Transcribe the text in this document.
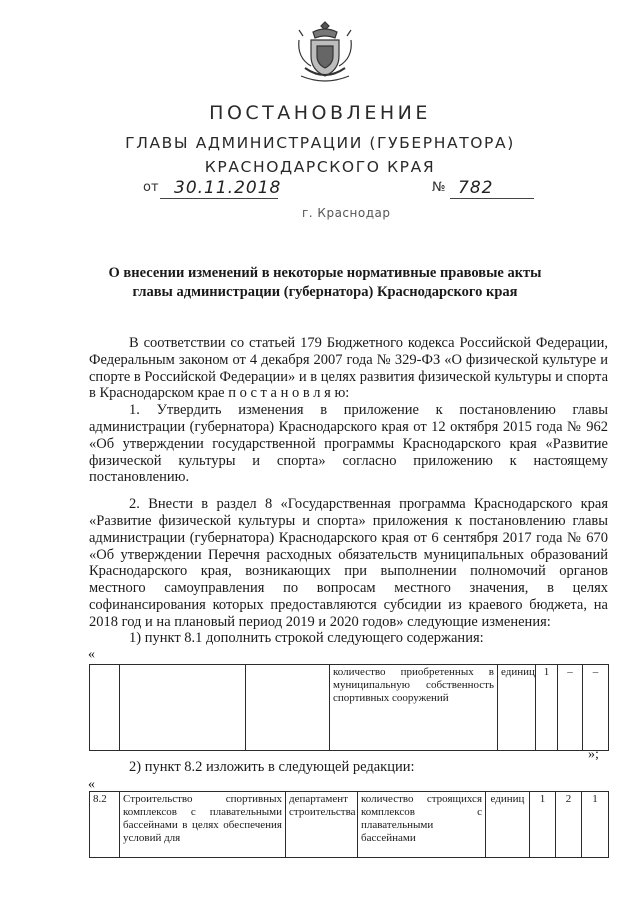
ПОСТАНОВЛЕНИЕ
ГЛАВЫ АДМИНИСТРАЦИИ (ГУБЕРНАТОРА)
КРАСНОДАРСКОГО КРАЯ
от 30.11.2018	№ 782
г. Краснодар
О внесении изменений в некоторые нормативные правовые акты
главы администрации (губернатора) Краснодарского края

В соответствии со статьей 179 Бюджетного кодекса Российской Федерации, Федеральным законом от 4 декабря 2007 года № 329-ФЗ «О физической культуре и спорте в Российской Федерации» и в целях развития физической культуры и спорта в Краснодарском крае п о с т а н о в л я ю:

1. Утвердить изменения в приложение к постановлению главы администрации (губернатора) Краснодарского края от 12 октября 2015 года № 962 «Об утверждении государственной программы Краснодарского края «Развитие физической культуры и спорта» согласно приложению к настоящему постановлению.

2. Внести в раздел 8 «Государственная программа Краснодарского края «Развитие физической культуры и спорта» приложения к постановлению главы администрации (губернатора) Краснодарского края от 6 сентября 2017 года № 670 «Об утверждении Перечня расходных обязательств муниципальных образований Краснодарского края, возникающих при выполнении полномочий органов местного самоуправления по вопросам местного значения, в целях софинансирования которых предоставляются субсидии из краевого бюджета, на 2018 год и на плановый период 2019 и 2020 годов» следующие изменения:

1) пункт 8.1 дополнить строкой следующего содержания:
«
			количество приобретенных в муниципальную собственность спортивных сооружений	единиц	1	–	–
»;
2) пункт 8.2 изложить в следующей редакции:
«
8.2	Строительство спортивных комплексов с плавательными бассейнами в целях обеспечения условий для	департамент строительства	количество строящихся комплексов с плавательными бассейнами	единиц	1	2	1
